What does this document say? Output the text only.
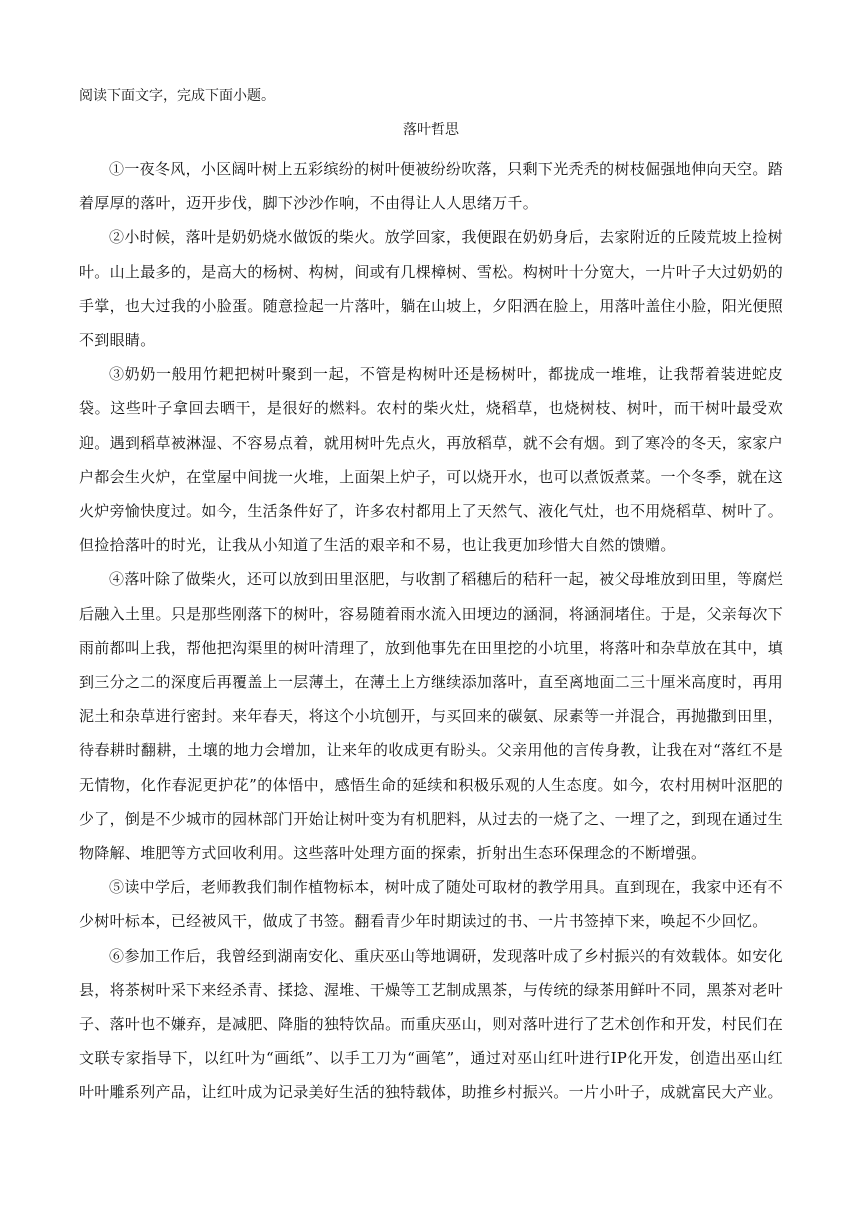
阅读下面文字，完成下面小题。

落叶哲思

①一夜冬风，小区阔叶树上五彩缤纷的树叶便被纷纷吹落，只剩下光秃秃的树枝倔强地伸向天空。踏着厚厚的落叶，迈开步伐，脚下沙沙作响，不由得让人人思绪万千。

②小时候，落叶是奶奶烧水做饭的柴火。放学回家，我便跟在奶奶身后，去家附近的丘陵荒坡上捡树叶。山上最多的，是高大的杨树、构树，间或有几棵樟树、雪松。构树叶十分宽大，一片叶子大过奶奶的手掌，也大过我的小脸蛋。随意捡起一片落叶，躺在山坡上，夕阳洒在脸上，用落叶盖住小脸，阳光便照不到眼睛。

③奶奶一般用竹耙把树叶聚到一起，不管是构树叶还是杨树叶，都拢成一堆堆，让我帮着装进蛇皮袋。这些叶子拿回去晒干，是很好的燃料。农村的柴火灶，烧稻草，也烧树枝、树叶，而干树叶最受欢迎。遇到稻草被淋湿、不容易点着，就用树叶先点火，再放稻草，就不会有烟。到了寒冷的冬天，家家户户都会生火炉，在堂屋中间拢一火堆，上面架上炉子，可以烧开水，也可以煮饭煮菜。一个冬季，就在这火炉旁愉快度过。如今，生活条件好了，许多农村都用上了天然气、液化气灶，也不用烧稻草、树叶了。但捡拾落叶的时光，让我从小知道了生活的艰辛和不易，也让我更加珍惜大自然的馈赠。

④落叶除了做柴火，还可以放到田里沤肥，与收割了稻穗后的秸秆一起，被父母堆放到田里，等腐烂后融入土里。只是那些刚落下的树叶，容易随着雨水流入田埂边的涵洞，将涵洞堵住。于是，父亲每次下雨前都叫上我，帮他把沟渠里的树叶清理了，放到他事先在田里挖的小坑里，将落叶和杂草放在其中，填到三分之二的深度后再覆盖上一层薄土，在薄土上方继续添加落叶，直至离地面二三十厘米高度时，再用泥土和杂草进行密封。来年春天，将这个小坑刨开，与买回来的碳氨、尿素等一并混合，再抛撒到田里，待春耕时翻耕，土壤的地力会增加，让来年的收成更有盼头。父亲用他的言传身教，让我在对“落红不是无情物，化作春泥更护花”的体悟中，感悟生命的延续和积极乐观的人生态度。如今，农村用树叶沤肥的少了，倒是不少城市的园林部门开始让树叶变为有机肥料，从过去的一烧了之、一埋了之，到现在通过生物降解、堆肥等方式回收利用。这些落叶处理方面的探索，折射出生态环保理念的不断增强。

⑤读中学后，老师教我们制作植物标本，树叶成了随处可取材的教学用具。直到现在，我家中还有不少树叶标本，已经被风干，做成了书签。翻看青少年时期读过的书、一片书签掉下来，唤起不少回忆。

⑥参加工作后，我曾经到湖南安化、重庆巫山等地调研，发现落叶成了乡村振兴的有效载体。如安化县，将茶树叶采下来经杀青、揉捻、渥堆、干燥等工艺制成黑茶，与传统的绿茶用鲜叶不同，黑茶对老叶子、落叶也不嫌弃，是减肥、降脂的独特饮品。而重庆巫山，则对落叶进行了艺术创作和开发，村民们在文联专家指导下，以红叶为“画纸”、以手工刀为“画笔”，通过对巫山红叶进行IP化开发，创造出巫山红叶叶雕系列产品，让红叶成为记录美好生活的独特载体，助推乡村振兴。一片小叶子，成就富民大产业。
